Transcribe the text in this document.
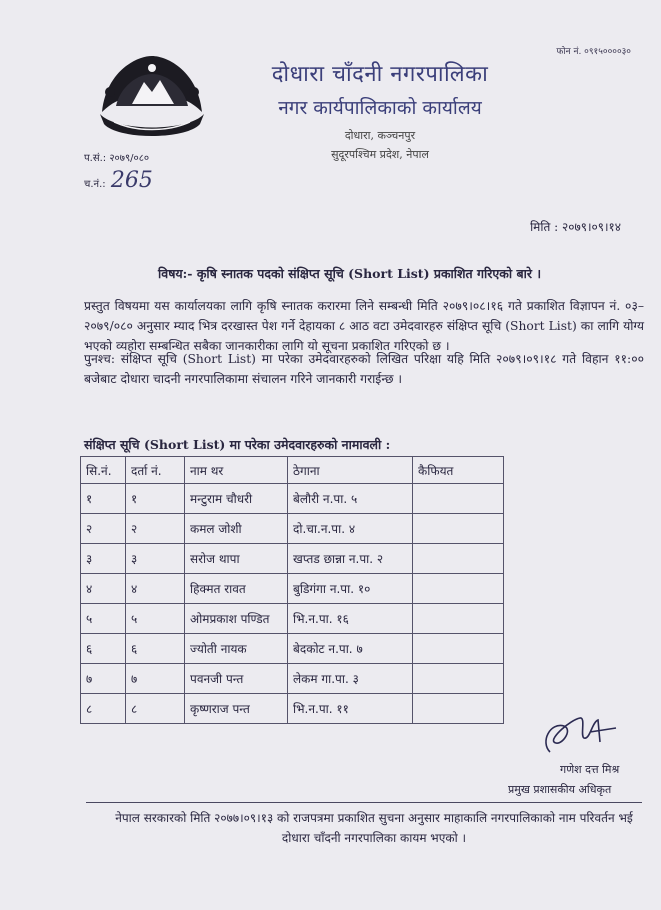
फोन नं. ०९१५००००३०
दोधारा चाँदनी नगरपालिका
नगर कार्यपालिकाको कार्यालय
दोधारा, कञ्चनपुर
सुदूरपश्चिम प्रदेश, नेपाल
प.सं.: २०७९/०८०
च.नं.: 265
मिति : २०७९।०९।१४
विषय:- कृषि स्नातक पदको संक्षिप्त सूचि (Short List) प्रकाशित गरिएको बारे ।
प्रस्तुत विषयमा यस कार्यालयका लागि कृषि स्नातक करारमा लिने सम्बन्धी मिति २०७९।०८।१६ गते प्रकाशित विज्ञापन नं. ०३–२०७९/०८० अनुसार म्याद भित्र दरखास्त पेश गर्ने देहायका ८ आठ वटा उमेदवारहरु संक्षिप्त सूचि (Short List) का लागि योग्य भएको व्यहोरा सम्बन्धित सबैका जानकारीका लागि यो सूचना प्रकाशित गरिएको छ ।
पुनश्च: संक्षिप्त सूचि (Short List) मा परेका उमेदवारहरुको लिखित परिक्षा यहि मिति २०७९।०९।१८ गते विहान ११:०० बजेबाट दोधारा चादनी नगरपालिकामा संचालन गरिने जानकारी गराईन्छ ।
संक्षिप्त सूचि (Short List) मा परेका उमेदवारहरुको नामावली :
सि.नं.	दर्ता नं.	नाम थर	ठेगाना	कैफियत
१	१	मन्टुराम चौधरी	बेलौरी न.पा. ५	
२	२	कमल जोशी	दो.चा.न.पा. ४	
३	३	सरोज थापा	खप्तड छान्ना न.पा. २	
४	४	हिक्मत रावत	बुडिगंगा न.पा. १०	
५	५	ओमप्रकाश पण्डित	भि.न.पा. १६	
६	६	ज्योती नायक	बेदकोट न.पा. ७	
७	७	पवनजी पन्त	लेकम गा.पा. ३	
८	८	कृष्णराज पन्त	भि.न.पा. ११	
गणेश दत्त मिश्र
प्रमुख प्रशासकीय अधिकृत
नेपाल सरकारको मिति २०७७।०९।१३ को राजपत्रमा प्रकाशित सुचना अनुसार माहाकालि नगरपालिकाको नाम परिवर्तन भई दोधारा चाँदनी नगरपालिका कायम भएको ।
